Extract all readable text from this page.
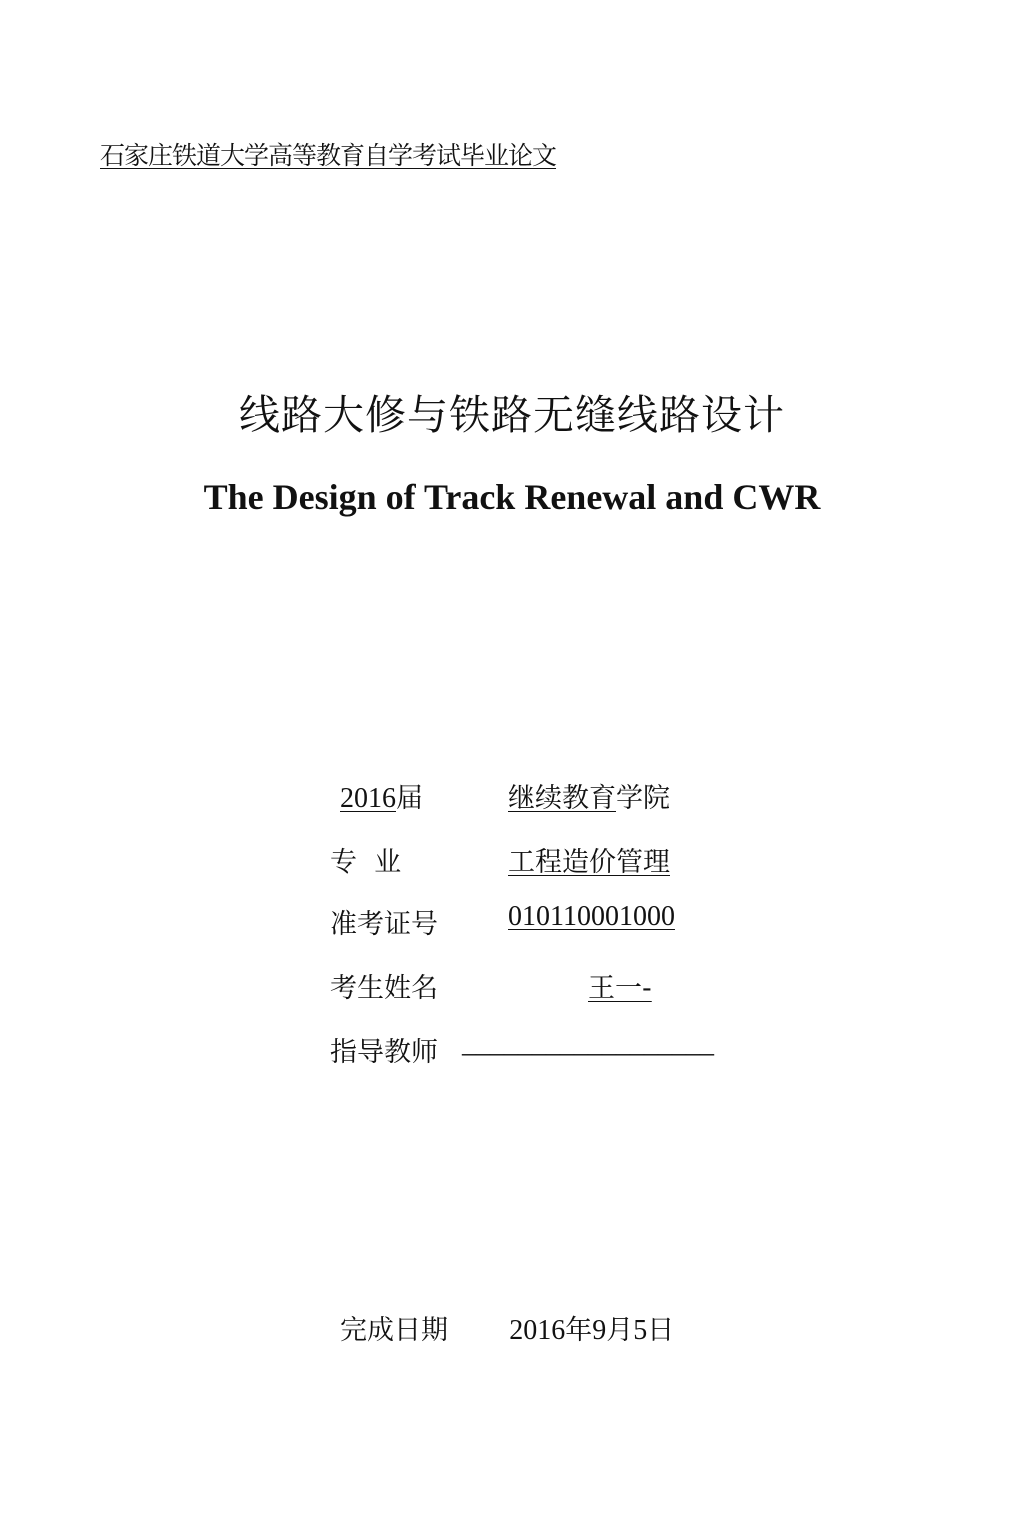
石家庄铁道大学高等教育自学考试毕业论文
线路大修与铁路无缝线路设计
The Design of Track Renewal and CWR
2016届	继续教育学院
专  业	工程造价管理
准考证号	010110001000
考生姓名	王一-
指导教师 __________________
完成日期 2016年9月5日
